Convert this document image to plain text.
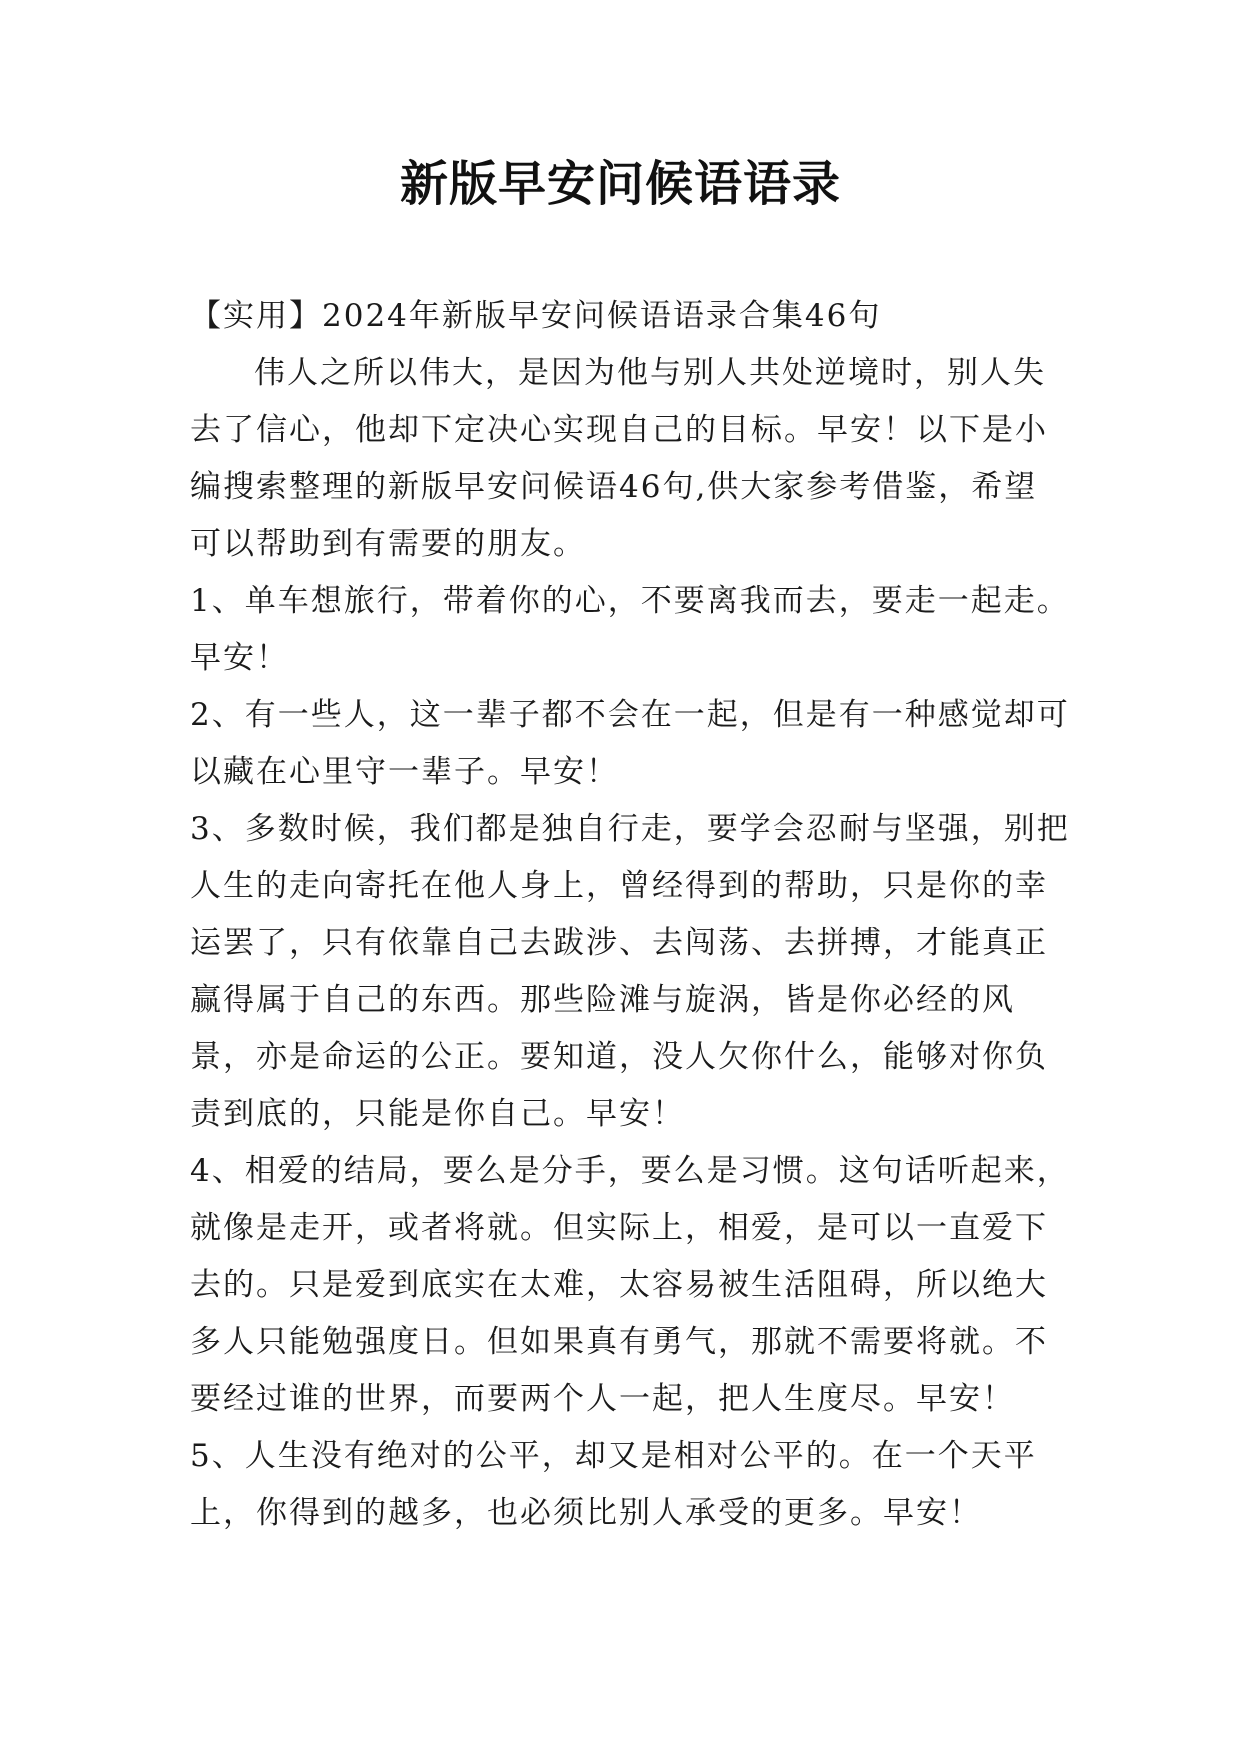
新版早安问候语语录

【实用】2024年新版早安问候语语录合集46句

伟人之所以伟大，是因为他与别人共处逆境时，别人失去了信心，他却下定决心实现自己的目标。早安！以下是小编搜索整理的新版早安问候语46句,供大家参考借鉴，希望可以帮助到有需要的朋友。

1、单车想旅行，带着你的心，不要离我而去，要走一起走。早安！

2、有一些人，这一辈子都不会在一起，但是有一种感觉却可以藏在心里守一辈子。早安！

3、多数时候，我们都是独自行走，要学会忍耐与坚强，别把人生的走向寄托在他人身上，曾经得到的帮助，只是你的幸运罢了，只有依靠自己去跋涉、去闯荡、去拼搏，才能真正赢得属于自己的东西。那些险滩与旋涡，皆是你必经的风景，亦是命运的公正。要知道，没人欠你什么，能够对你负责到底的，只能是你自己。早安！

4、相爱的结局，要么是分手，要么是习惯。这句话听起来，就像是走开，或者将就。但实际上，相爱，是可以一直爱下去的。只是爱到底实在太难，太容易被生活阻碍，所以绝大多人只能勉强度日。但如果真有勇气，那就不需要将就。不要经过谁的世界，而要两个人一起，把人生度尽。早安！

5、人生没有绝对的公平，却又是相对公平的。在一个天平上，你得到的越多，也必须比别人承受的更多。早安！
